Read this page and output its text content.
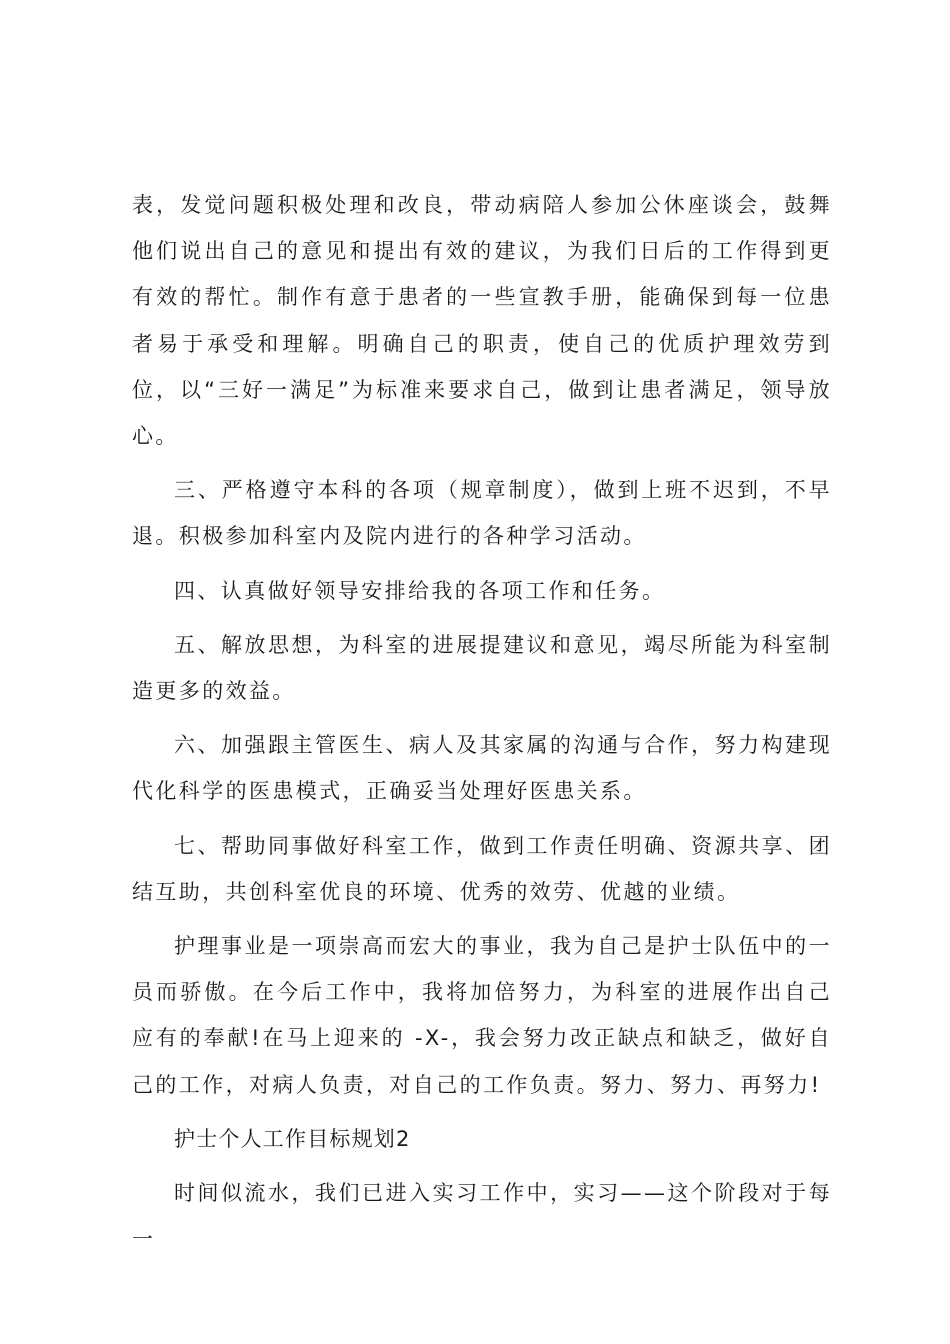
表，发觉问题积极处理和改良，带动病陪人参加公休座谈会，鼓舞他们说出自己的意见和提出有效的建议，为我们日后的工作得到更有效的帮忙。制作有意于患者的一些宣教手册，能确保到每一位患者易于承受和理解。明确自己的职责，使自己的优质护理效劳到位，以“三好一满足”为标准来要求自己，做到让患者满足，领导放心。

三、严格遵守本科的各项（规章制度），做到上班不迟到，不早退。积极参加科室内及院内进行的各种学习活动。

四、认真做好领导安排给我的各项工作和任务。

五、解放思想，为科室的进展提建议和意见，竭尽所能为科室制造更多的效益。

六、加强跟主管医生、病人及其家属的沟通与合作，努力构建现代化科学的医患模式，正确妥当处理好医患关系。

七、帮助同事做好科室工作，做到工作责任明确、资源共享、团结互助，共创科室优良的环境、优秀的效劳、优越的业绩。

护理事业是一项崇高而宏大的事业，我为自己是护士队伍中的一员而骄傲。在今后工作中，我将加倍努力，为科室的进展作出自己应有的奉献!在马上迎来的 -X-，我会努力改正缺点和缺乏，做好自己的工作，对病人负责，对自己的工作负责。努力、努力、再努力!

护士个人工作目标规划2

时间似流水，我们已进入实习工作中，实习——这个阶段对于每一
